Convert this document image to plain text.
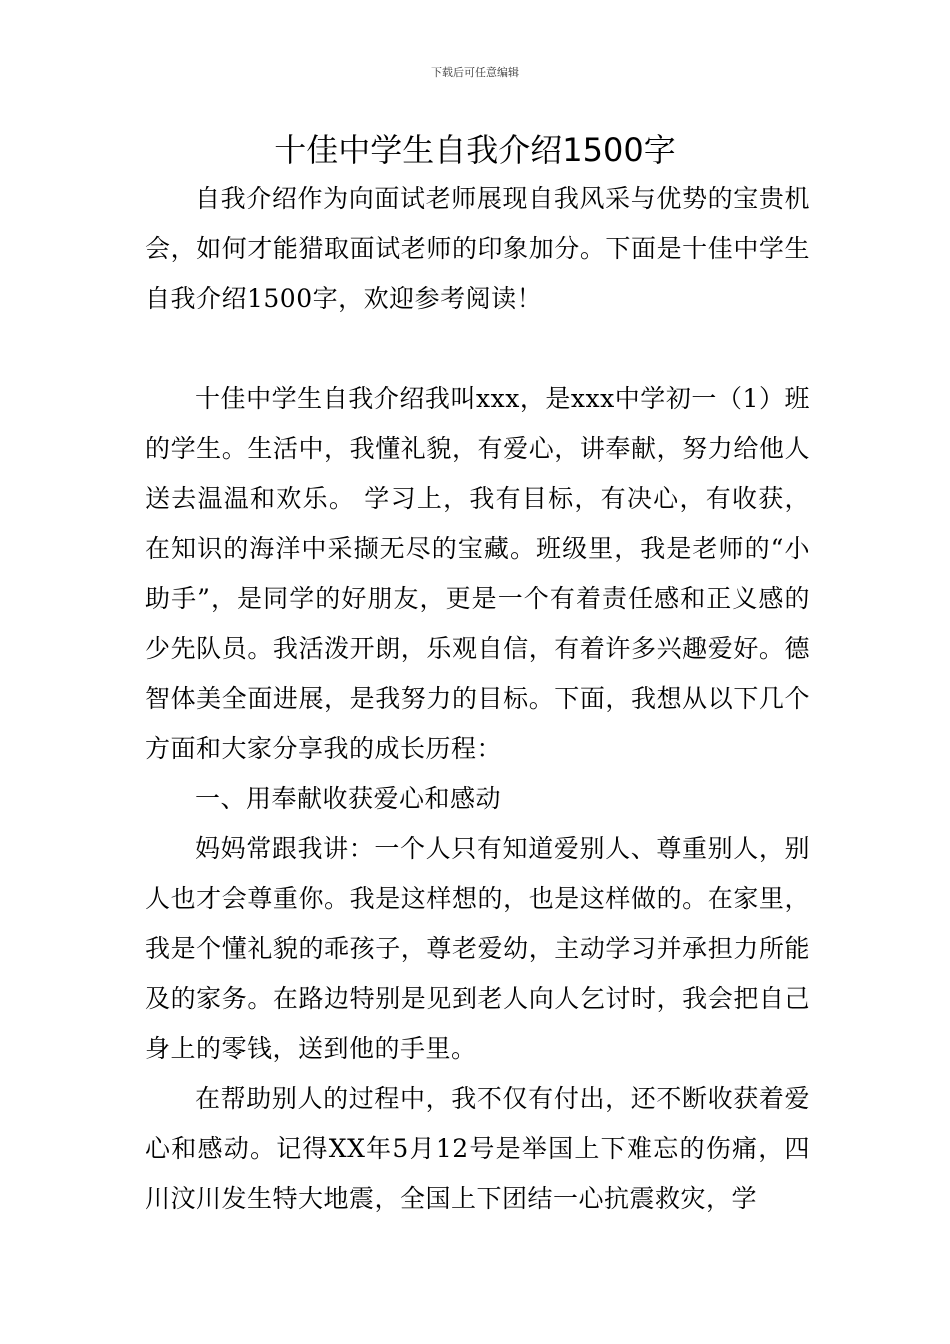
下载后可任意编辑
十佳中学生自我介绍1500字

自我介绍作为向面试老师展现自我风采与优势的宝贵机会，如何才能猎取面试老师的印象加分。下面是十佳中学生自我介绍1500字，欢迎参考阅读！

十佳中学生自我介绍我叫xxx，是xxx中学初一（1）班的学生。生活中，我懂礼貌，有爱心，讲奉献，努力给他人送去温温和欢乐。 学习上，我有目标，有决心，有收获，在知识的海洋中采撷无尽的宝藏。班级里，我是老师的“小助手”，是同学的好朋友，更是一个有着责任感和正义感的少先队员。我活泼开朗，乐观自信，有着许多兴趣爱好。德智体美全面进展，是我努力的目标。下面，我想从以下几个方面和大家分享我的成长历程：

一、用奉献收获爱心和感动

妈妈常跟我讲：一个人只有知道爱别人、尊重别人，别人也才会尊重你。我是这样想的，也是这样做的。在家里，我是个懂礼貌的乖孩子，尊老爱幼，主动学习并承担力所能及的家务。在路边特别是见到老人向人乞讨时，我会把自己身上的零钱，送到他的手里。

在帮助别人的过程中，我不仅有付出，还不断收获着爱心和感动。记得XX年5月12号是举国上下难忘的伤痛，四川汶川发生特大地震，全国上下团结一心抗震救灾，学
